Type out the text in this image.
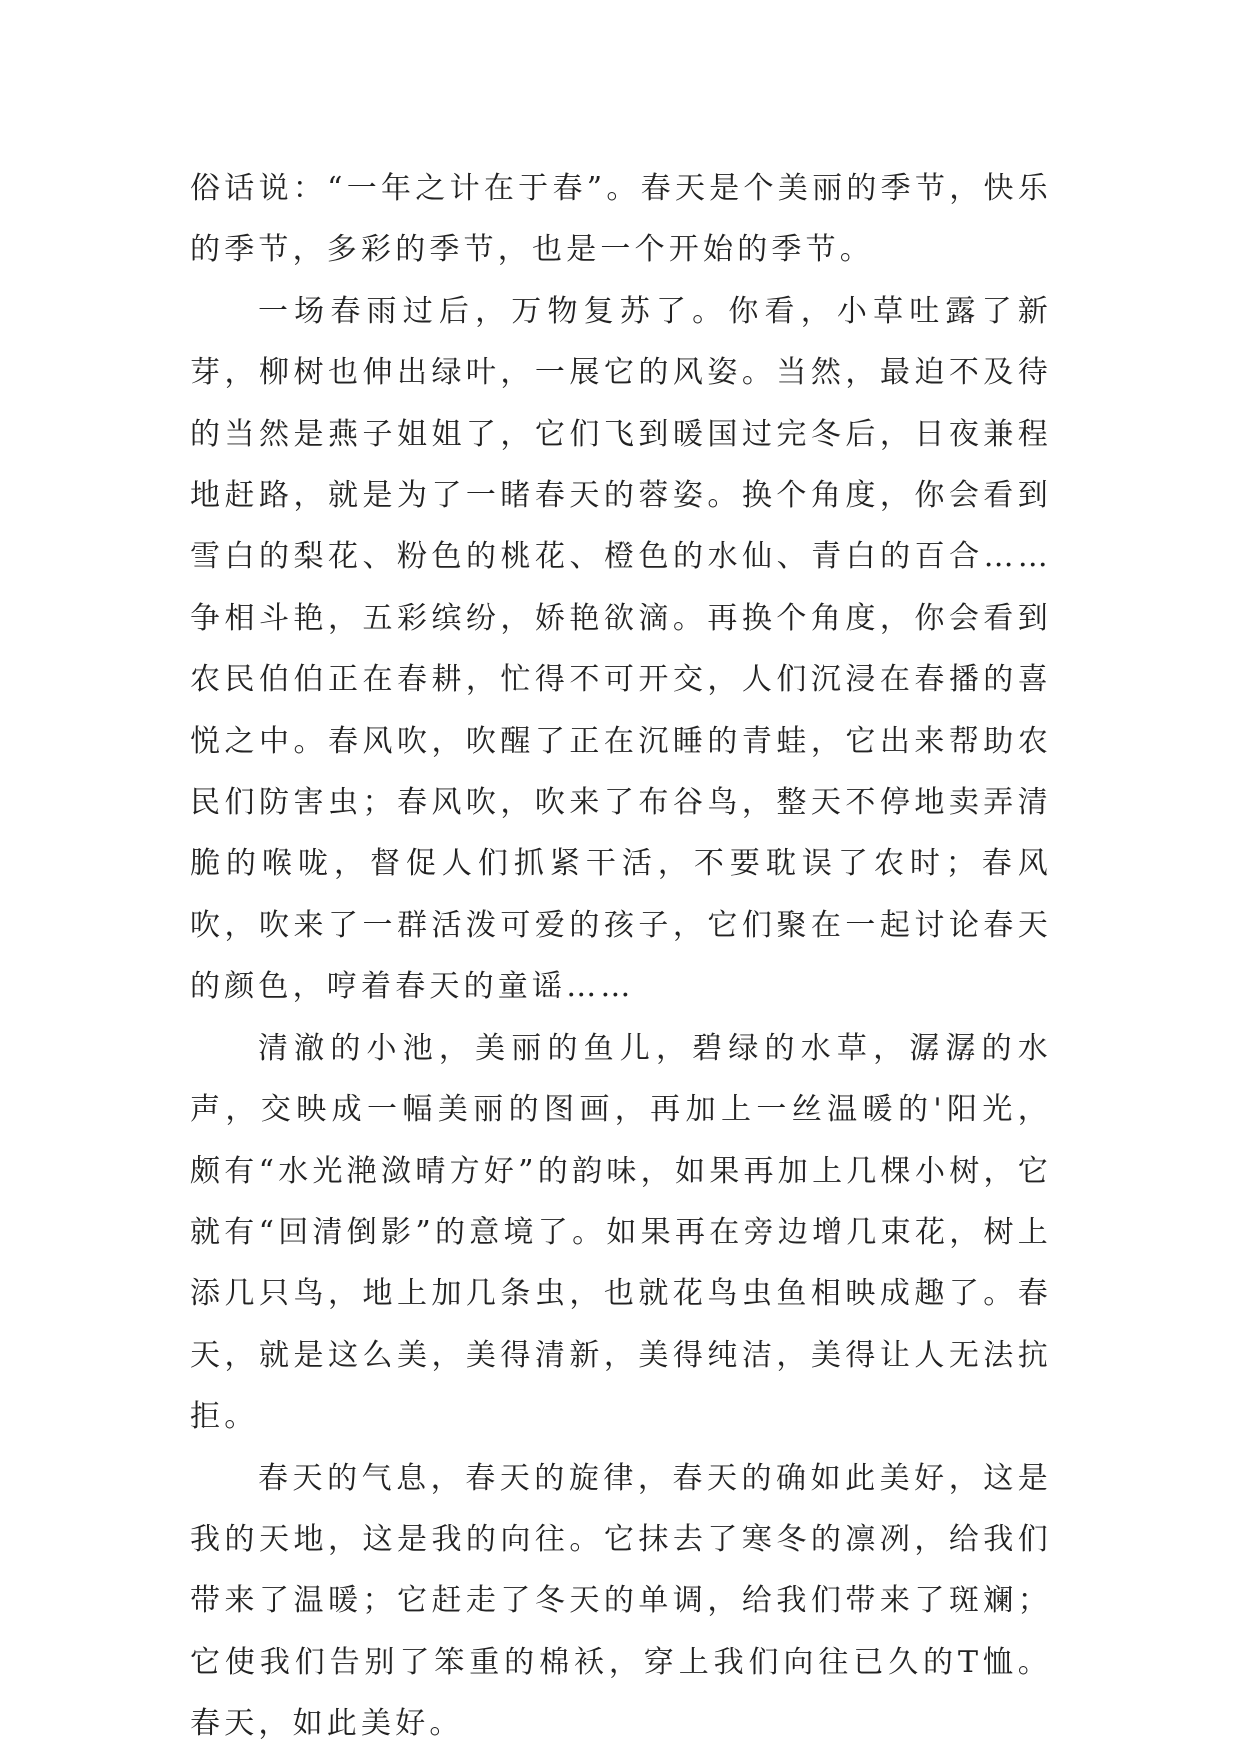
俗话说：“一年之计在于春”。春天是个美丽的季节，快乐的季节，多彩的季节，也是一个开始的季节。

一场春雨过后，万物复苏了。你看，小草吐露了新芽，柳树也伸出绿叶，一展它的风姿。当然，最迫不及待的当然是燕子姐姐了，它们飞到暖国过完冬后，日夜兼程地赶路，就是为了一睹春天的蓉姿。换个角度，你会看到雪白的梨花、粉色的桃花、橙色的水仙、青白的百合……争相斗艳，五彩缤纷，娇艳欲滴。再换个角度，你会看到农民伯伯正在春耕，忙得不可开交，人们沉浸在春播的喜悦之中。春风吹，吹醒了正在沉睡的青蛙，它出来帮助农民们防害虫；春风吹，吹来了布谷鸟，整天不停地卖弄清脆的喉咙，督促人们抓紧干活，不要耽误了农时；春风吹，吹来了一群活泼可爱的孩子，它们聚在一起讨论春天的颜色，哼着春天的童谣……

清澈的小池，美丽的鱼儿，碧绿的水草，潺潺的水声，交映成一幅美丽的图画，再加上一丝温暖的'阳光，颇有“水光滟潋晴方好”的韵味，如果再加上几棵小树，它就有“回清倒影”的意境了。如果再在旁边增几束花，树上添几只鸟，地上加几条虫，也就花鸟虫鱼相映成趣了。春天，就是这么美，美得清新，美得纯洁，美得让人无法抗拒。

春天的气息，春天的旋律，春天的确如此美好，这是我的天地，这是我的向往。它抹去了寒冬的凛冽，给我们带来了温暖；它赶走了冬天的单调，给我们带来了斑斓；它使我们告别了笨重的棉袄，穿上我们向往已久的T恤。春天，如此美好。
